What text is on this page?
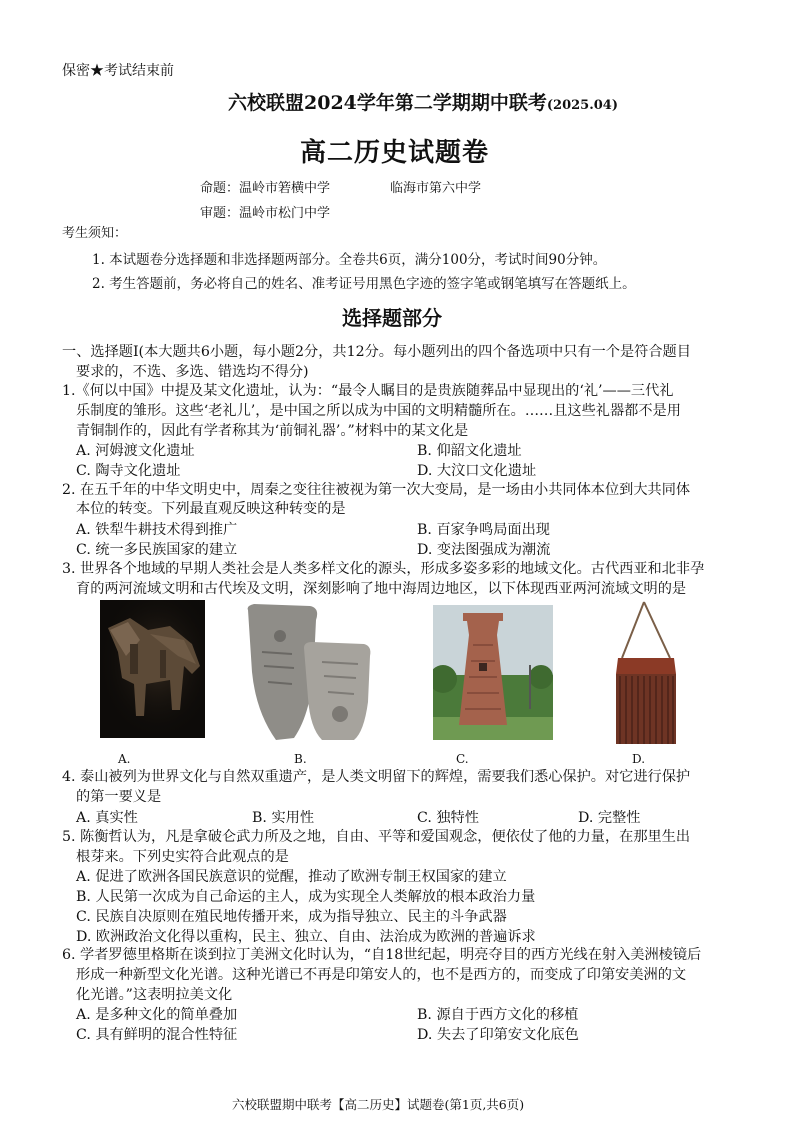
保密★考试结束前
六校联盟2024学年第二学期期中联考(2025.04)
高二历史试题卷
命题：温岭市箬横中学	临海市第六中学
审题：温岭市松门中学
考生须知：
1. 本试题卷分选择题和非选择题两部分。全卷共6页，满分100分，考试时间90分钟。
2. 考生答题前，务必将自己的姓名、准考证号用黑色字迹的签字笔或钢笔填写在答题纸上。
选择题部分
一、选择题Ⅰ(本大题共6小题，每小题2分，共12分。每小题列出的四个备选项中只有一个是符合题目
要求的，不选、多选、错选均不得分)
1.《何以中国》中提及某文化遗址，认为：“最令人瞩目的是贵族随葬品中显现出的‘礼’——三代礼
乐制度的雏形。这些‘老礼儿’，是中国之所以成为中国的文明精髓所在。……且这些礼器都不是用
青铜制作的，因此有学者称其为‘前铜礼器’。”材料中的某文化是
A. 河姆渡文化遗址	B. 仰韶文化遗址
C. 陶寺文化遗址	D. 大汶口文化遗址
2. 在五千年的中华文明史中，周秦之变往往被视为第一次大变局，是一场由小共同体本位到大共同体
本位的转变。下列最直观反映这种转变的是
A. 铁犁牛耕技术得到推广	B. 百家争鸣局面出现
C. 统一多民族国家的建立	D. 变法图强成为潮流
3. 世界各个地域的早期人类社会是人类多样文化的源头，形成多姿多彩的地域文化。古代西亚和北非孕
育的两河流域文明和古代埃及文明，深刻影响了地中海周边地区，以下体现西亚两河流域文明的是
A.	B.	C.	D.
4. 泰山被列为世界文化与自然双重遗产，是人类文明留下的辉煌，需要我们悉心保护。对它进行保护
的第一要义是
A. 真实性	B. 实用性	C. 独特性	D. 完整性
5. 陈衡哲认为，凡是拿破仑武力所及之地，自由、平等和爱国观念，便依仗了他的力量，在那里生出
根芽来。下列史实符合此观点的是
A. 促进了欧洲各国民族意识的觉醒，推动了欧洲专制王权国家的建立
B. 人民第一次成为自己命运的主人，成为实现全人类解放的根本政治力量
C. 民族自决原则在殖民地传播开来，成为指导独立、民主的斗争武器
D. 欧洲政治文化得以重构，民主、独立、自由、法治成为欧洲的普遍诉求
6. 学者罗德里格斯在谈到拉丁美洲文化时认为，“自18世纪起，明亮夺目的西方光线在射入美洲棱镜后
形成一种新型文化光谱。这种光谱已不再是印第安人的，也不是西方的，而变成了印第安美洲的文
化光谱。”这表明拉美文化
A. 是多种文化的简单叠加	B. 源自于西方文化的移植
C. 具有鲜明的混合性特征	D. 失去了印第安文化底色
六校联盟期中联考【高二历史】试题卷(第1页,共6页)
